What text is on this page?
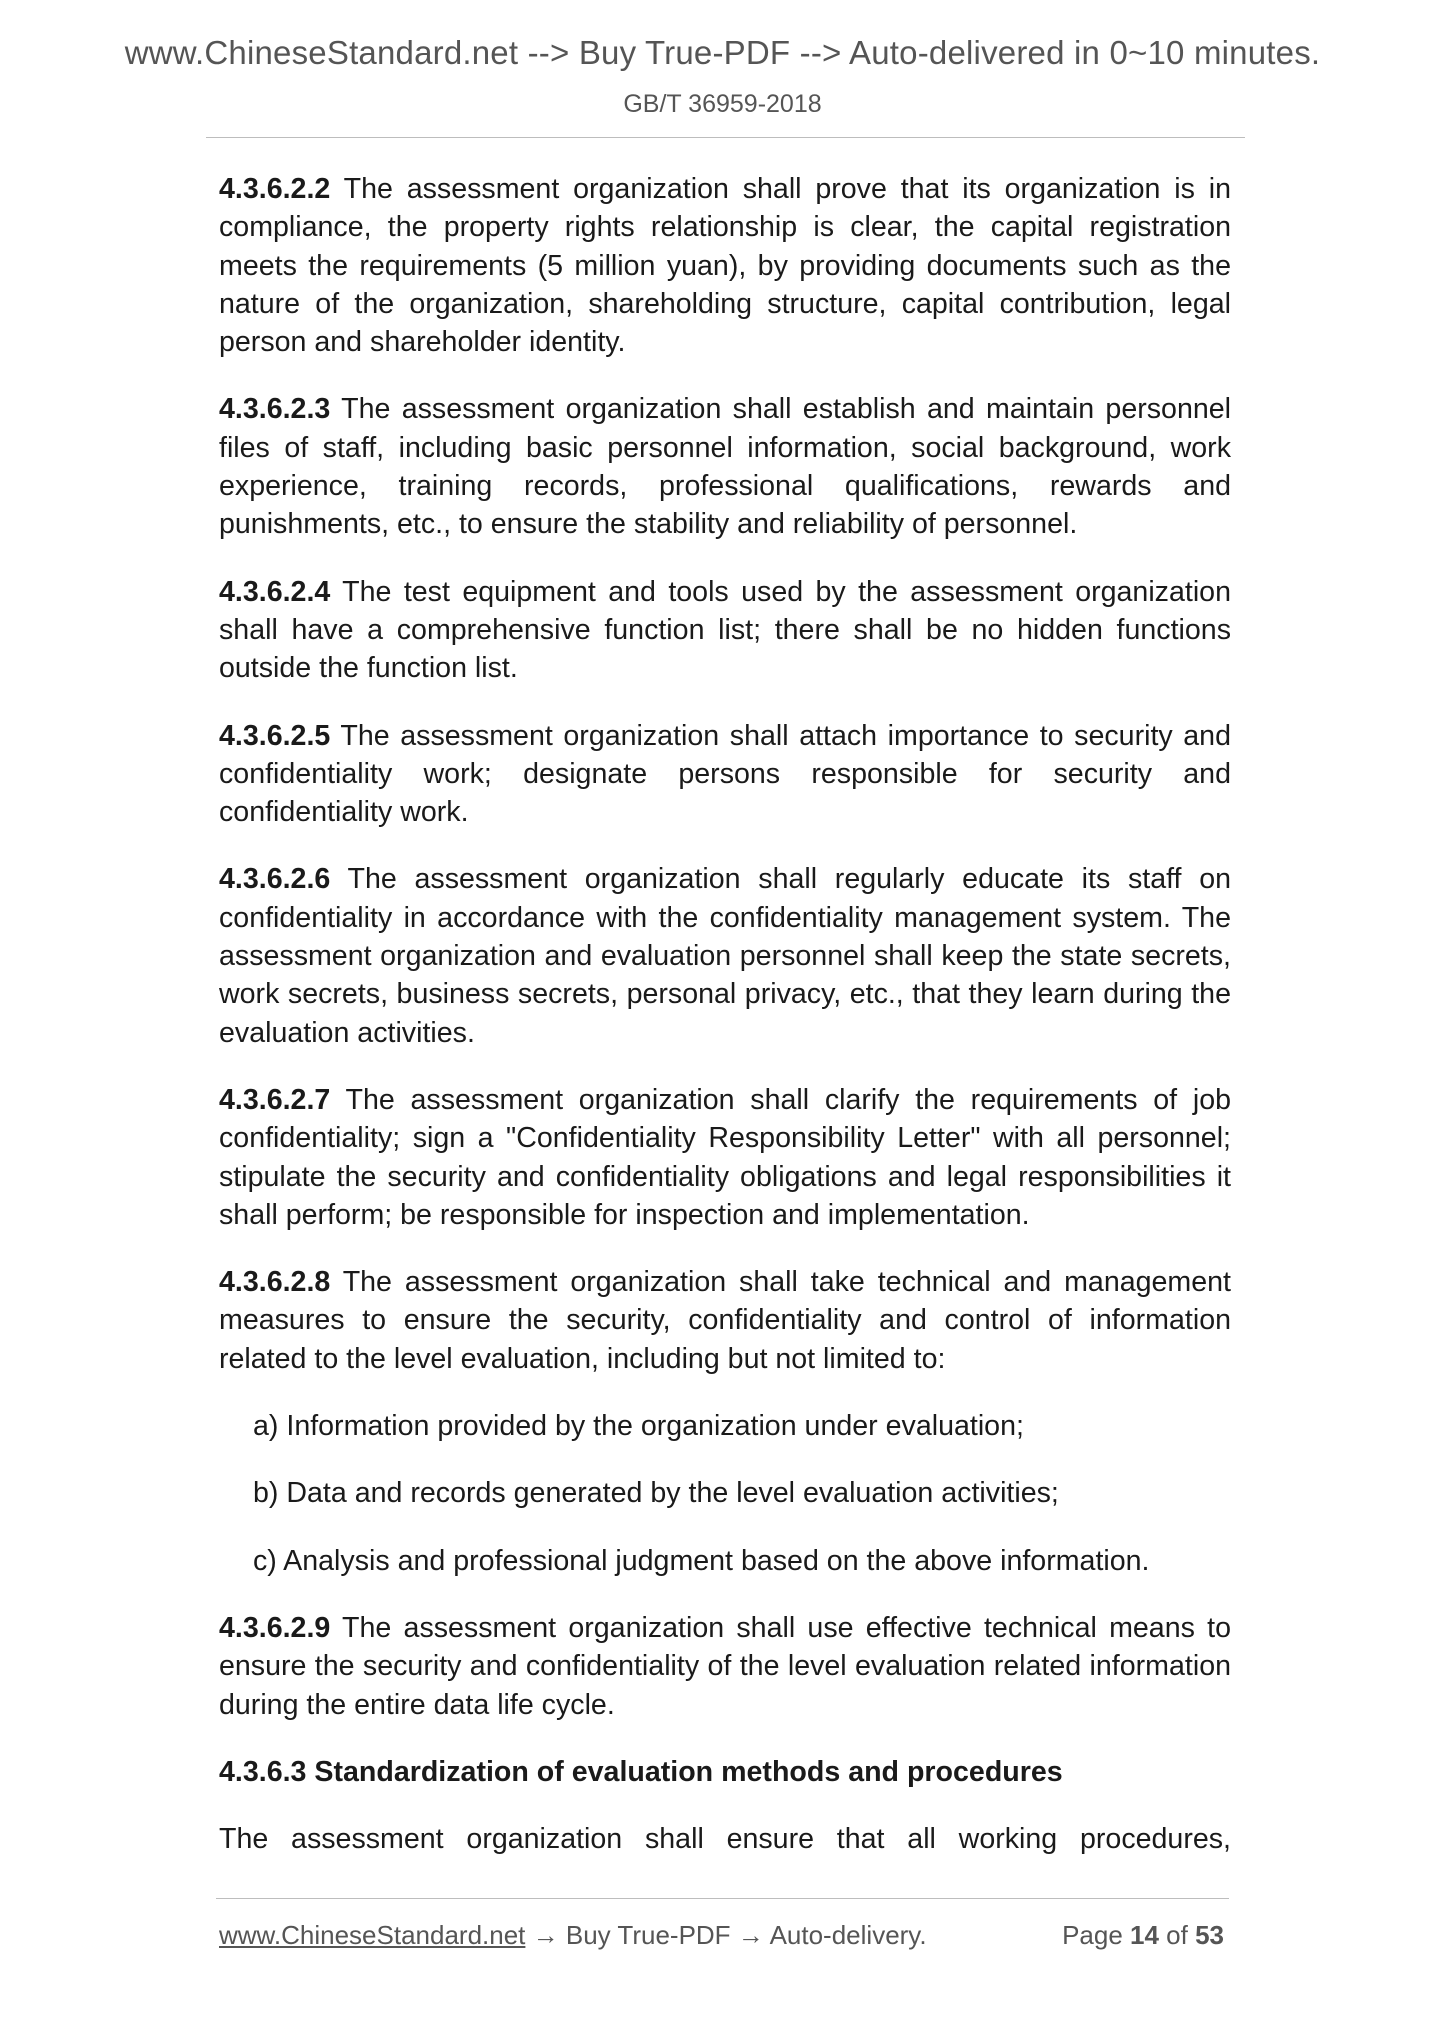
www.ChineseStandard.net --> Buy True-PDF --> Auto-delivered in 0~10 minutes.
GB/T 36959-2018

4.3.6.2.2 The assessment organization shall prove that its organization is in compliance, the property rights relationship is clear, the capital registration meets the requirements (5 million yuan), by providing documents such as the nature of the organization, shareholding structure, capital contribution, legal person and shareholder identity.

4.3.6.2.3 The assessment organization shall establish and maintain personnel files of staff, including basic personnel information, social background, work experience, training records, professional qualifications, rewards and punishments, etc., to ensure the stability and reliability of personnel.

4.3.6.2.4 The test equipment and tools used by the assessment organization shall have a comprehensive function list; there shall be no hidden functions outside the function list.

4.3.6.2.5 The assessment organization shall attach importance to security and confidentiality work; designate persons responsible for security and confidentiality work.

4.3.6.2.6 The assessment organization shall regularly educate its staff on confidentiality in accordance with the confidentiality management system. The assessment organization and evaluation personnel shall keep the state secrets, work secrets, business secrets, personal privacy, etc., that they learn during the evaluation activities.

4.3.6.2.7 The assessment organization shall clarify the requirements of job confidentiality; sign a "Confidentiality Responsibility Letter" with all personnel; stipulate the security and confidentiality obligations and legal responsibilities it shall perform; be responsible for inspection and implementation.

4.3.6.2.8 The assessment organization shall take technical and management measures to ensure the security, confidentiality and control of information related to the level evaluation, including but not limited to:

a) Information provided by the organization under evaluation;

b) Data and records generated by the level evaluation activities;

c) Analysis and professional judgment based on the above information.

4.3.6.2.9 The assessment organization shall use effective technical means to ensure the security and confidentiality of the level evaluation related information during the entire data life cycle.

4.3.6.3 Standardization of evaluation methods and procedures

The assessment organization shall ensure that all working procedures,

www.ChineseStandard.net → Buy True-PDF → Auto-delivery.	Page 14 of 53
